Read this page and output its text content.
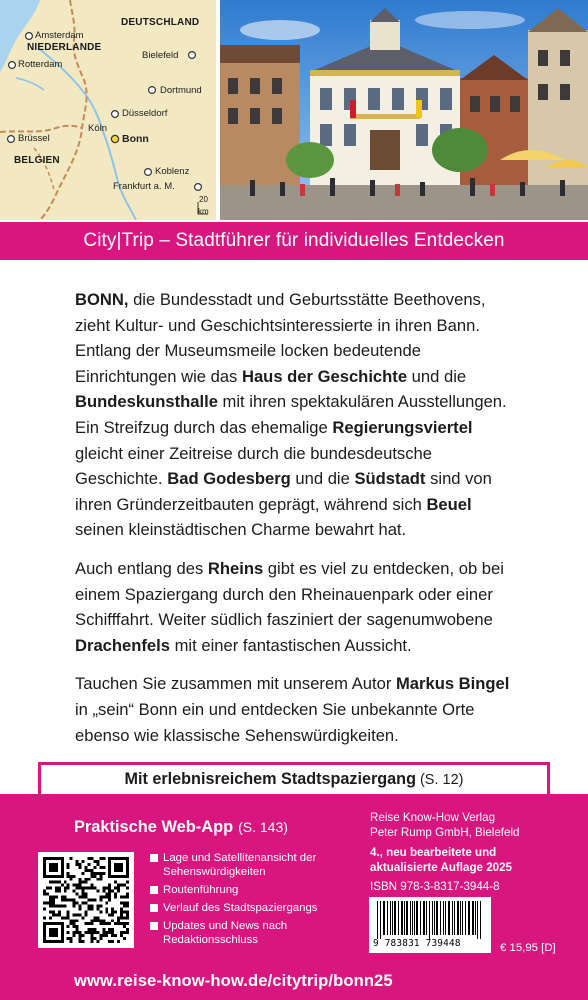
DEUTSCHLAND
NIEDERLANDE
BELGIEN
Amsterdam
Rotterdam
Bielefeld
Dortmund
Düsseldorf
Köln
Bonn
Brüssel
Koblenz
Frankfurt a. M.
20
km
City|Trip – Stadtführer für individuelles Entdecken

BONN, die Bundesstadt und Geburtsstätte Beethovens, zieht Kultur- und Geschichtsinteressierte in ihren Bann. Entlang der Museumsmeile locken bedeutende Einrichtungen wie das Haus der Geschichte und die Bundeskunsthalle mit ihren spektakulären Ausstellungen. Ein Streifzug durch das ehemalige Regierungsviertel gleicht einer Zeitreise durch die bundesdeutsche Geschichte. Bad Godesberg und die Südstadt sind von ihren Gründerzeitbauten geprägt, während sich Beuel seinen kleinstädtischen Charme bewahrt hat.

Auch entlang des Rheins gibt es viel zu entdecken, ob bei einem Spaziergang durch den Rheinauenpark oder einer Schifffahrt. Weiter südlich fasziniert der sagenumwobene Drachenfels mit einer fantastischen Aussicht.

Tauchen Sie zusammen mit unserem Autor Markus Bingel in „sein“ Bonn ein und entdecken Sie unbekannte Orte ebenso wie klassische Sehenswürdigkeiten.

Mit erlebnisreichem Stadtspaziergang (S. 12)
Praktische Web-App (S. 143)
Lage und Satellitenansicht der Sehenswürdigkeiten
Routenführung
Verlauf des Stadtspaziergangs
Updates und News nach Redaktionsschluss
Reise Know-How Verlag
Peter Rump GmbH, Bielefeld
4., neu bearbeitete und
aktualisierte Auflage 2025
ISBN 978-3-8317-3944-8
9 783831 739448	€ 15,95 [D]
www.reise-know-how.de/citytrip/bonn25
